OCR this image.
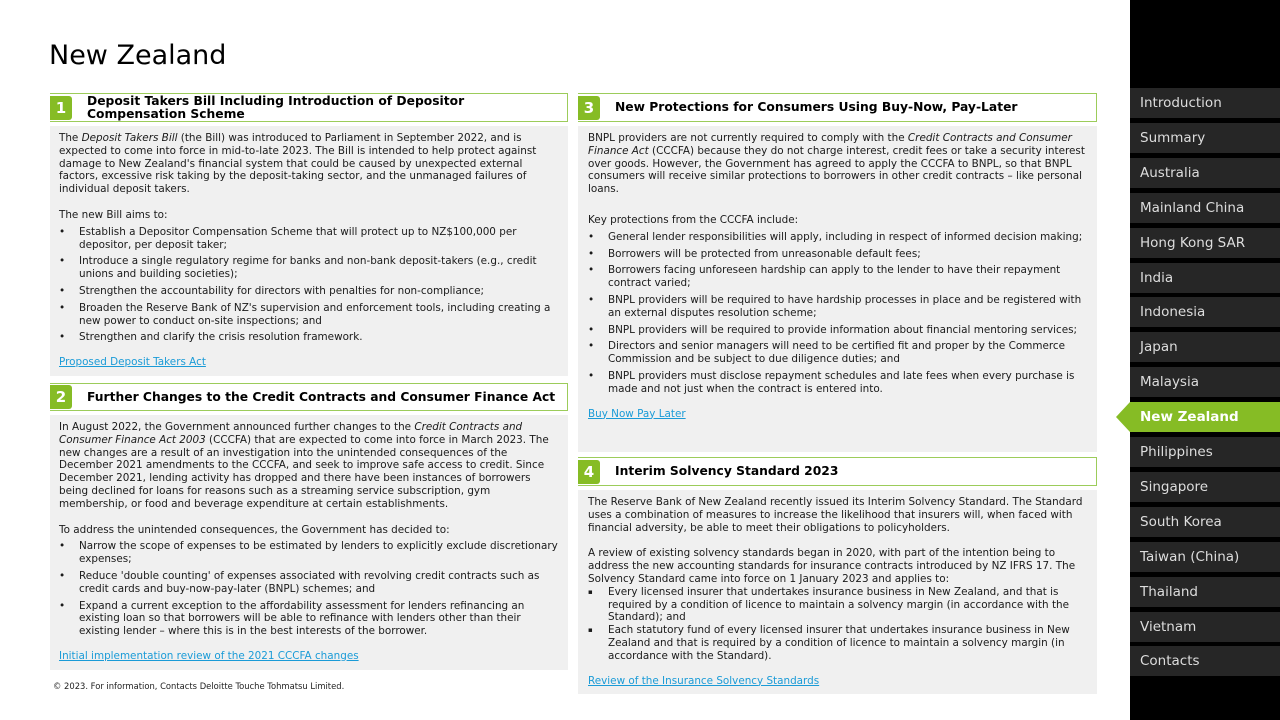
New Zealand
1	Deposit Takers Bill Including Introduction of Depositor Compensation Scheme

The Deposit Takers Bill (the Bill) was introduced to Parliament in September 2022, and is expected to come into force in mid-to-late 2023. The Bill is intended to help protect against damage to New Zealand's financial system that could be caused by unexpected external factors, excessive risk taking by the deposit-taking sector, and the unmanaged failures of individual deposit takers.

The new Bill aims to:

• Establish a Depositor Compensation Scheme that will protect up to NZ$100,000 per depositor, per deposit taker;
• Introduce a single regulatory regime for banks and non-bank deposit-takers (e.g., credit unions and building societies);
• Strengthen the accountability for directors with penalties for non-compliance;
• Broaden the Reserve Bank of NZ's supervision and enforcement tools, including creating a new power to conduct on-site inspections; and
• Strengthen and clarify the crisis resolution framework.
Proposed Deposit Takers Act
2	Further Changes to the Credit Contracts and Consumer Finance Act

In August 2022, the Government announced further changes to the Credit Contracts and Consumer Finance Act 2003 (CCCFA) that are expected to come into force in March 2023. The new changes are a result of an investigation into the unintended consequences of the December 2021 amendments to the CCCFA, and seek to improve safe access to credit. Since December 2021, lending activity has dropped and there have been instances of borrowers being declined for loans for reasons such as a streaming service subscription, gym membership, or food and beverage expenditure at certain establishments.

To address the unintended consequences, the Government has decided to:

• Narrow the scope of expenses to be estimated by lenders to explicitly exclude discretionary expenses;
• Reduce 'double counting' of expenses associated with revolving credit contracts such as credit cards and buy-now-pay-later (BNPL) schemes; and
• Expand a current exception to the affordability assessment for lenders refinancing an existing loan so that borrowers will be able to refinance with lenders other than their existing lender – where this is in the best interests of the borrower.
Initial implementation review of the 2021 CCCFA changes
3	New Protections for Consumers Using Buy-Now, Pay-Later

BNPL providers are not currently required to comply with the Credit Contracts and Consumer Finance Act (CCCFA) because they do not charge interest, credit fees or take a security interest over goods. However, the Government has agreed to apply the CCCFA to BNPL, so that BNPL consumers will receive similar protections to borrowers in other credit contracts – like personal loans.

Key protections from the CCCFA include:

• General lender responsibilities will apply, including in respect of informed decision making;
• Borrowers will be protected from unreasonable default fees;
• Borrowers facing unforeseen hardship can apply to the lender to have their repayment contract varied;
• BNPL providers will be required to have hardship processes in place and be registered with an external disputes resolution scheme;
• BNPL providers will be required to provide information about financial mentoring services;
• Directors and senior managers will need to be certified fit and proper by the Commerce Commission and be subject to due diligence duties; and
• BNPL providers must disclose repayment schedules and late fees when every purchase is made and not just when the contract is entered into.
Buy Now Pay Later
4	Interim Solvency Standard 2023

The Reserve Bank of New Zealand recently issued its Interim Solvency Standard. The Standard uses a combination of measures to increase the likelihood that insurers will, when faced with financial adversity, be able to meet their obligations to policyholders.

A review of existing solvency standards began in 2020, with part of the intention being to address the new accounting standards for insurance contracts introduced by NZ IFRS 17. The Solvency Standard came into force on 1 January 2023 and applies to:

▪ Every licensed insurer that undertakes insurance business in New Zealand, and that is required by a condition of licence to maintain a solvency margin (in accordance with the Standard); and
▪ Each statutory fund of every licensed insurer that undertakes insurance business in New Zealand and that is required by a condition of licence to maintain a solvency margin (in accordance with the Standard).
Review of the Insurance Solvency Standards
© 2023. For information, Contacts Deloitte Touche Tohmatsu Limited.
Introduction
Summary
Australia
Mainland China
Hong Kong SAR
India
Indonesia
Japan
Malaysia
New Zealand
Philippines
Singapore
South Korea
Taiwan (China)
Thailand
Vietnam
Contacts
